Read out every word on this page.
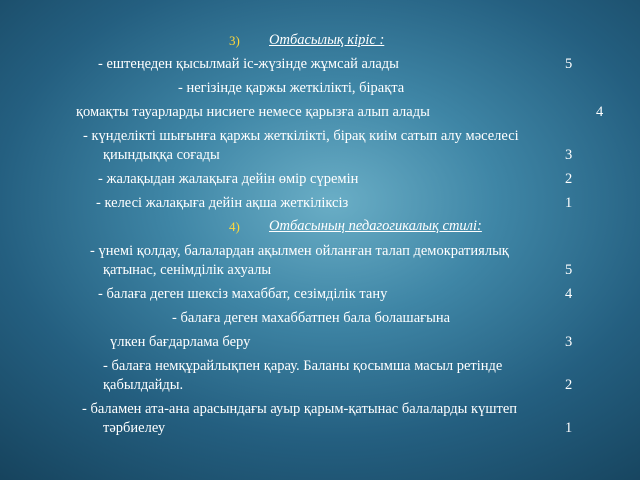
3) Отбасылық кіріс :
- ештеңеден қысылмай іс-жүзінде жұмсай алады	5
- негізінде қаржы жеткілікті, бірақта
қомақты тауарларды нисиеге немесе қарызға алып алады	4
- күнделікті шығынға қаржы жеткілікті, бірақ киім сатып алу мәселесі
қиындыққа соғады	3
- жалақыдан жалақыға дейін өмір сүремін	2
- келесі жалақыға дейін ақша жеткіліксіз	1
4) Отбасының педагогикалық стилі:
- үнемі қолдау, балалардан ақылмен ойланған талап демократиялық
қатынас, сенімділік ахуалы	5
- балаға деген шексіз махаббат, сезімділік тану	4
- балаға деген махаббатпен бала болашағына
үлкен бағдарлама беру	3
- балаға немқұрайлықпен қарау. Баланы қосымша масыл ретінде
қабылдайды.	2
- баламен ата-ана арасындағы ауыр қарым-қатынас балаларды күштеп
тәрбиелеу	1
